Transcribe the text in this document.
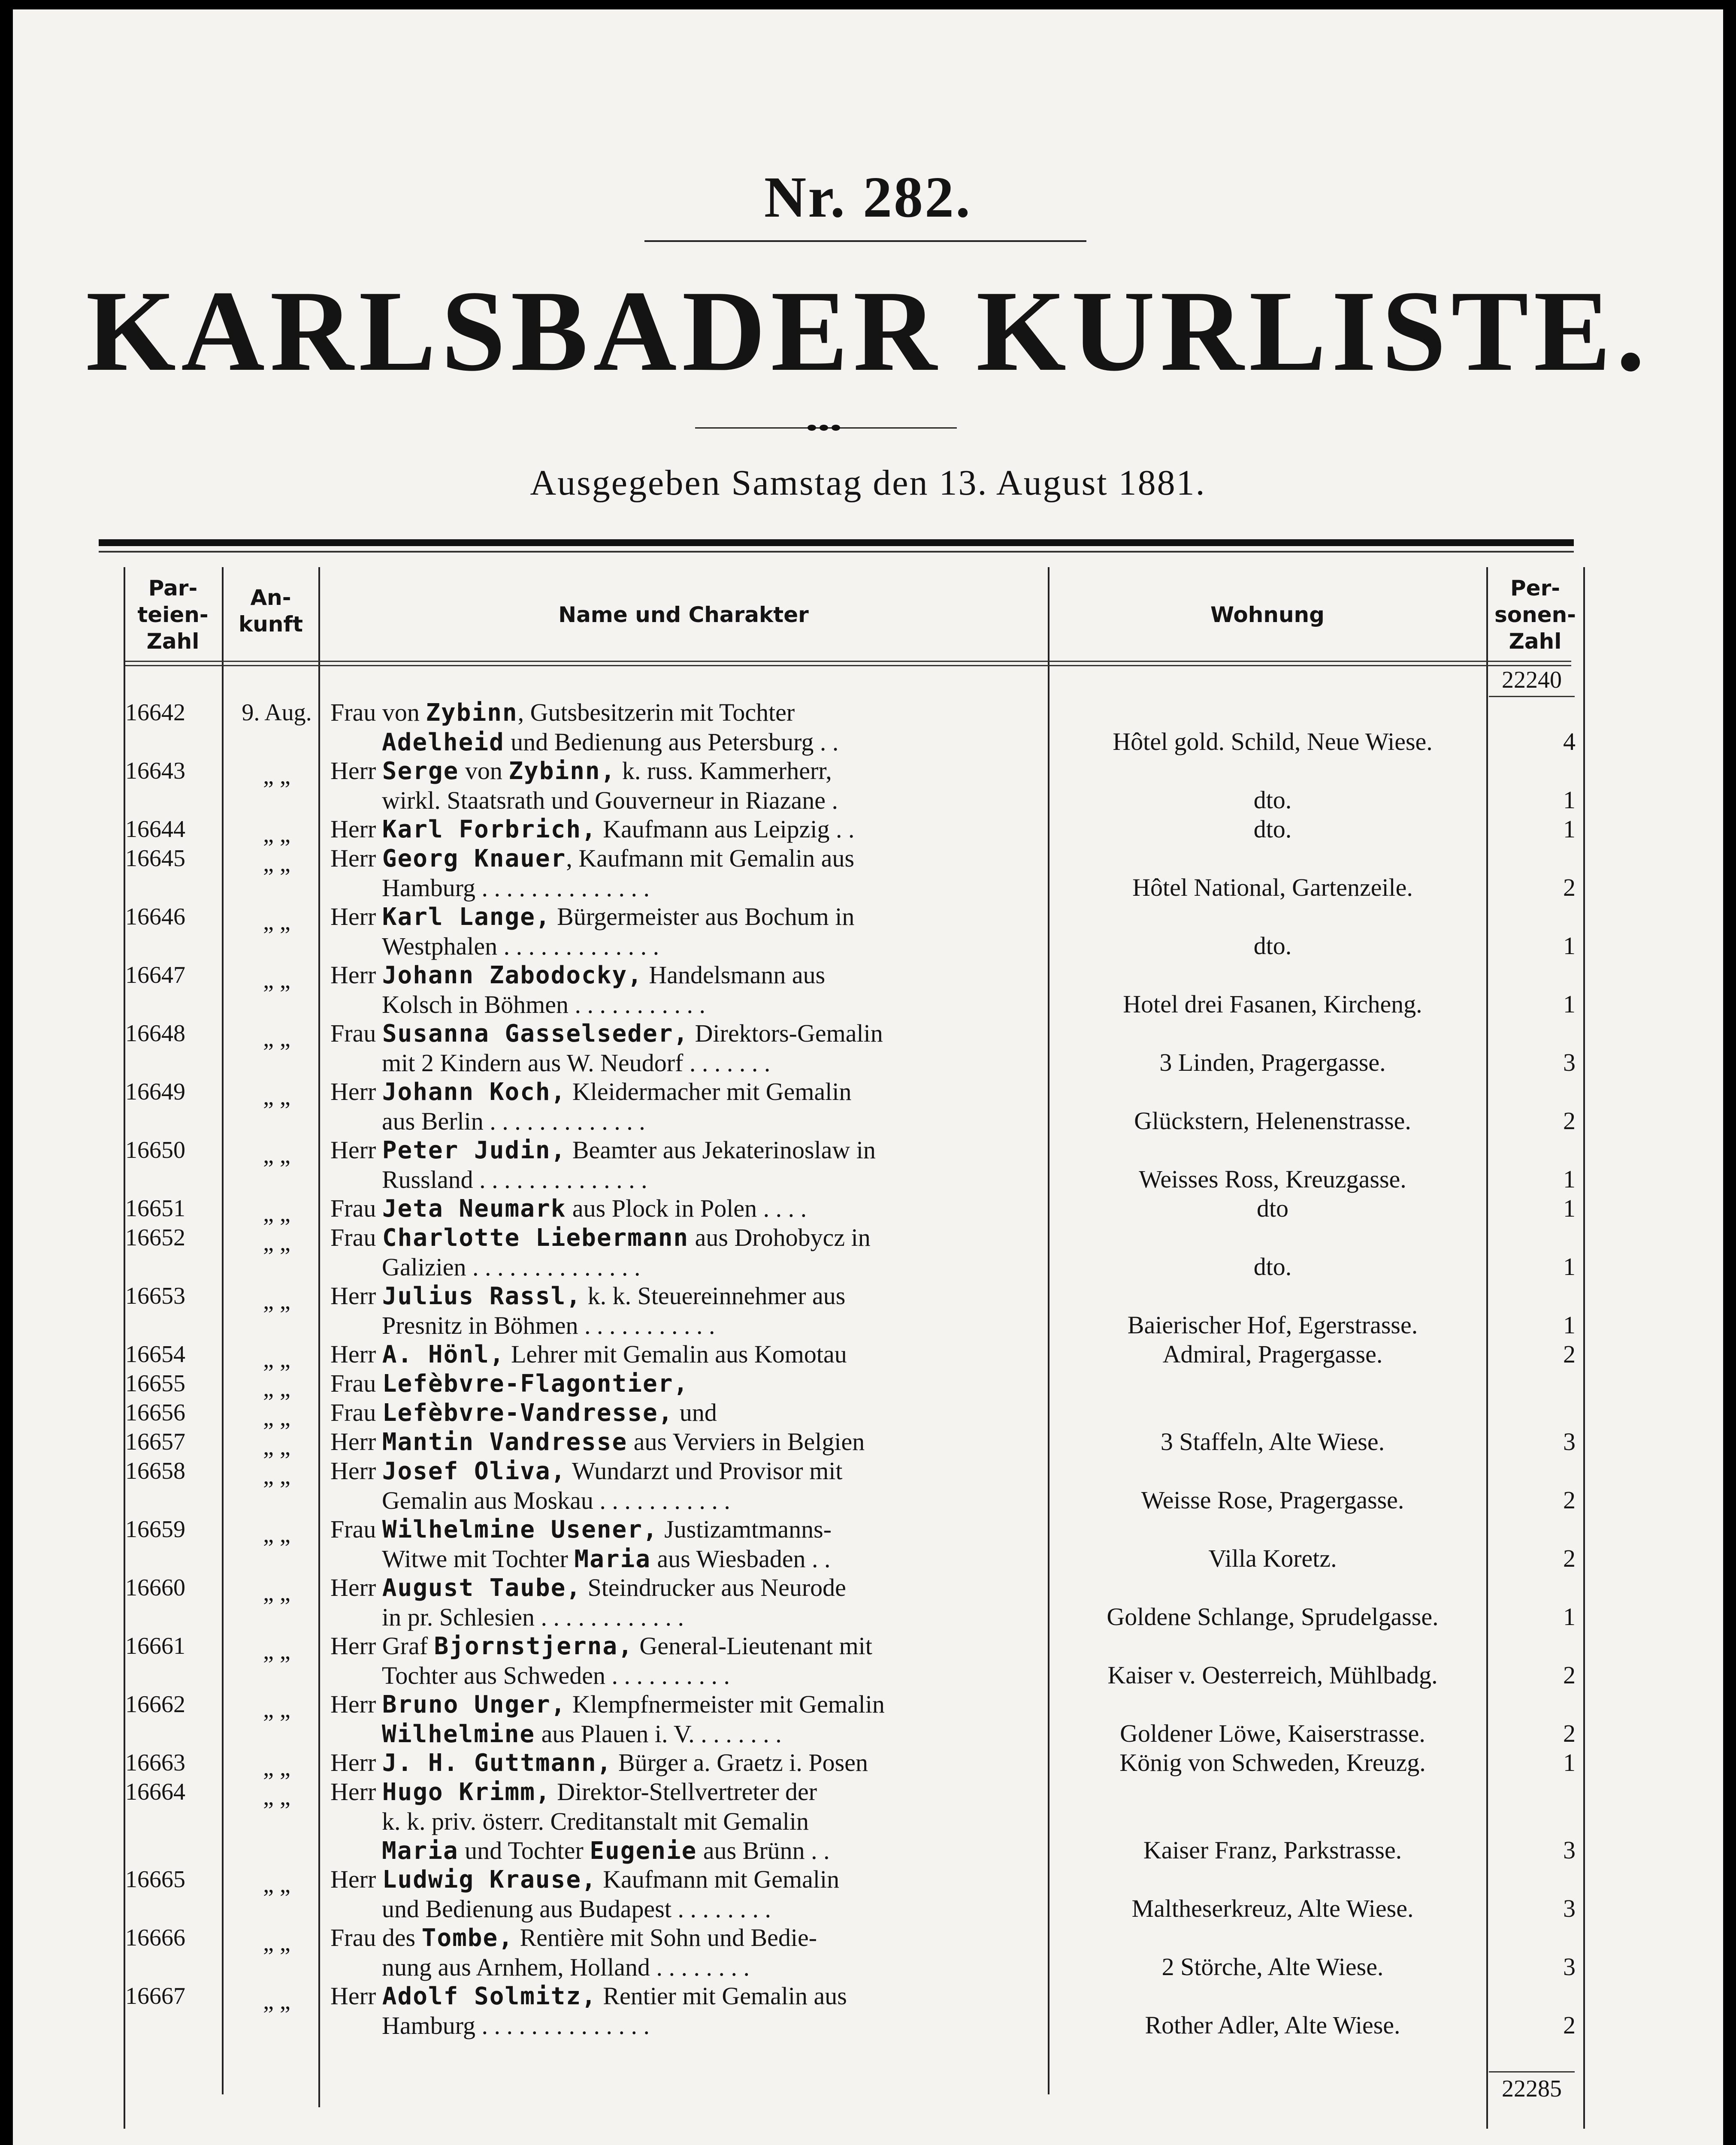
Nr. 282.
KARLSBADER KURLISTE.
Ausgegeben Samstag den 13. August 1881.
Par-
teien-
Zahl
An-
kunft	Name und Charakter	Wohnung
Per-
sonen-
Zahl
22240
22285
16642	9. Aug. Frau von Zybinn, Gutsbesitzerin mit Tochter
Adelheid und Bedienung aus Petersburg . .	Hôtel gold. Schild, Neue Wiese.	4
16643	„ „	Herr Serge von Zybinn, k. russ. Kammerherr,
wirkl. Staatsrath und Gouverneur in Riazane .	dto.	1
16644	„ „	Herr Karl Forbrich, Kaufmann aus Leipzig . .	dto.	1
16645	„ „	Herr Georg Knauer, Kaufmann mit Gemalin aus
Hamburg . . . . . . . . . . . . . .	Hôtel National, Gartenzeile.	2
16646	„ „	Herr Karl Lange, Bürgermeister aus Bochum in
Westphalen . . . . . . . . . . . . .	dto.	1
16647	„ „	Herr Johann Zabodocky, Handelsmann aus
Kolsch in Böhmen . . . . . . . . . . .	Hotel drei Fasanen, Kircheng.	1
16648	„ „	Frau Susanna Gasselseder, Direktors-Gemalin
mit 2 Kindern aus W. Neudorf . . . . . . .	3 Linden, Pragergasse.	3
16649	„ „	Herr Johann Koch, Kleidermacher mit Gemalin
aus Berlin . . . . . . . . . . . . .	Glückstern, Helenenstrasse.	2
16650	„ „	Herr Peter Judin, Beamter aus Jekaterinoslaw in
Russland . . . . . . . . . . . . . .	Weisses Ross, Kreuzgasse.	1
16651	„ „	Frau Jeta Neumark aus Plock in Polen . . . .	dto	1
16652	„ „	Frau Charlotte Liebermann aus Drohobycz in
Galizien . . . . . . . . . . . . . .	dto.	1
16653	„ „	Herr Julius Rassl, k. k. Steuereinnehmer aus
Presnitz in Böhmen . . . . . . . . . . .	Baierischer Hof, Egerstrasse.	1
16654	„ „	Herr A. Hönl, Lehrer mit Gemalin aus Komotau	Admiral, Pragergasse.	2
16655	„ „	Frau Lefèbvre-Flagontier,
16656	„ „	Frau Lefèbvre-Vandresse, und
16657	„ „	Herr Mantin Vandresse aus Verviers in Belgien	3 Staffeln, Alte Wiese.	3
16658	„ „	Herr Josef Oliva, Wundarzt und Provisor mit
Gemalin aus Moskau . . . . . . . . . . .	Weisse Rose, Pragergasse.	2
16659	„ „	Frau Wilhelmine Usener, Justizamtmanns-
Witwe mit Tochter Maria aus Wiesbaden . .	Villa Koretz.	2
16660	„ „	Herr August Taube, Steindrucker aus Neurode
in pr. Schlesien . . . . . . . . . . . .	Goldene Schlange, Sprudelgasse.	1
16661	„ „	Herr Graf Bjornstjerna, General-Lieutenant mit
Tochter aus Schweden . . . . . . . . . .	Kaiser v. Oesterreich, Mühlbadg.	2
16662	„ „	Herr Bruno Unger, Klempfnermeister mit Gemalin
Wilhelmine aus Plauen i. V. . . . . . . .	Goldener Löwe, Kaiserstrasse.	2
16663	„ „	Herr J. H. Guttmann, Bürger a. Graetz i. Posen	König von Schweden, Kreuzg.	1
16664	„ „	Herr Hugo Krimm, Direktor-Stellvertreter der
k. k. priv. österr. Creditanstalt mit Gemalin
Maria und Tochter Eugenie aus Brünn . .	Kaiser Franz, Parkstrasse.	3
16665	„ „	Herr Ludwig Krause, Kaufmann mit Gemalin
und Bedienung aus Budapest . . . . . . . .	Maltheserkreuz, Alte Wiese.	3
16666	„ „	Frau des Tombe, Rentière mit Sohn und Bedie-
nung aus Arnhem, Holland . . . . . . . .	2 Störche, Alte Wiese.	3
16667	„ „	Herr Adolf Solmitz, Rentier mit Gemalin aus
Hamburg . . . . . . . . . . . . . .	Rother Adler, Alte Wiese.	2
